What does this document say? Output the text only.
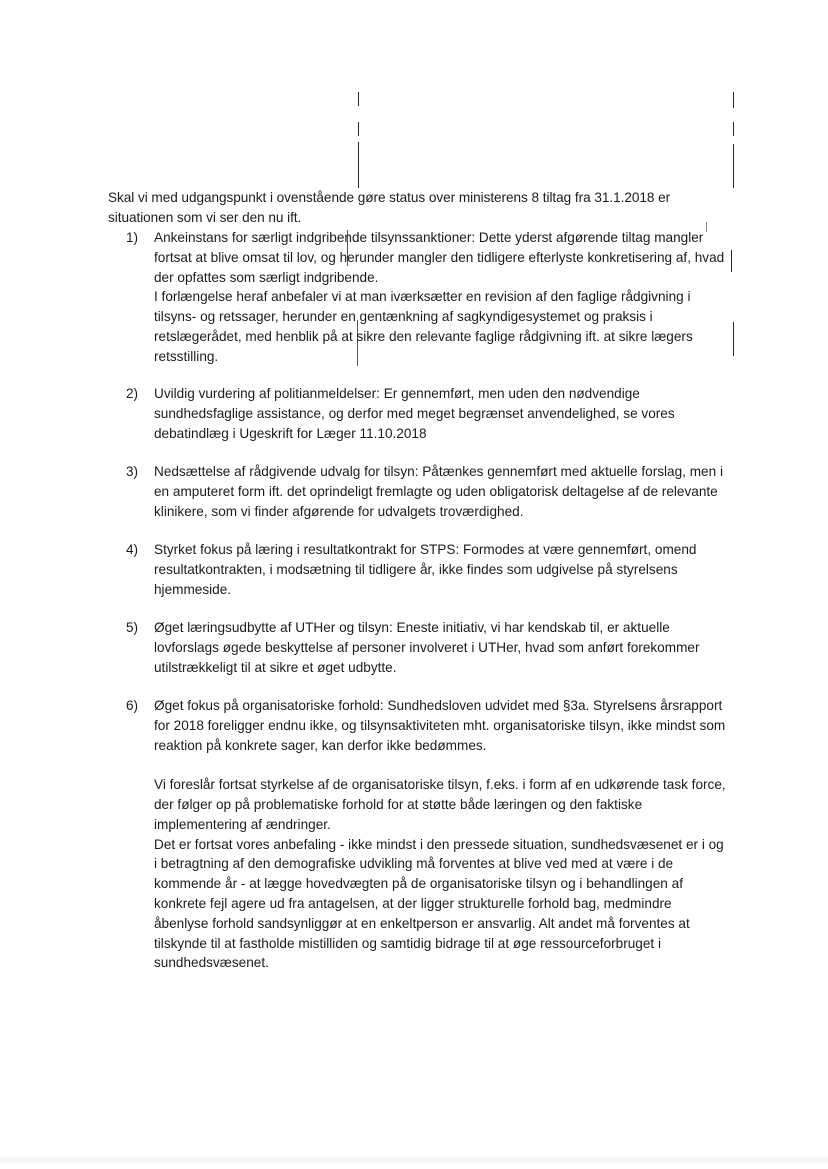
Skal vi med udgangspunkt i ovenstående gøre status over ministerens 8 tiltag fra 31.1.2018 er situationen som vi ser den nu ift.

1)	Ankeinstans for særligt indgribende tilsynssanktioner: Dette yderst afgørende tiltag mangler fortsat at blive omsat til lov, og herunder mangler den tidligere efterlyste konkretisering af, hvad der opfattes som særligt indgribende.

I forlængelse heraf anbefaler vi at man iværksætter en revision af den faglige rådgivning i tilsyns- og retssager, herunder en gentænkning af sagkyndigesystemet og praksis i retslægerådet, med henblik på at sikre den relevante faglige rådgivning ift. at sikre lægers retsstilling.

2)	Uvildig vurdering af politianmeldelser: Er gennemført, men uden den nødvendige sundhedsfaglige assistance, og derfor med meget begrænset anvendelighed, se vores debatindlæg i Ugeskrift for Læger 11.10.2018

3)	Nedsættelse af rådgivende udvalg for tilsyn: Påtænkes gennemført med aktuelle forslag, men i en amputeret form ift. det oprindeligt fremlagte og uden obligatorisk deltagelse af de relevante klinikere, som vi finder afgørende for udvalgets troværdighed.

4)	Styrket fokus på læring i resultatkontrakt for STPS: Formodes at være gennemført, omend resultatkontrakten, i modsætning til tidligere år, ikke findes som udgivelse på styrelsens hjemmeside.

5)	Øget læringsudbytte af UTHer og tilsyn: Eneste initiativ, vi har kendskab til, er aktuelle lovforslags øgede beskyttelse af personer involveret i UTHer, hvad som anført forekommer utilstrækkeligt til at sikre et øget udbytte.

6)	Øget fokus på organisatoriske forhold: Sundhedsloven udvidet med §3a. Styrelsens årsrapport for 2018 foreligger endnu ikke, og tilsynsaktiviteten mht. organisatoriske tilsyn, ikke mindst som reaktion på konkrete sager, kan derfor ikke bedømmes.

Vi foreslår fortsat styrkelse af de organisatoriske tilsyn, f.eks. i form af en udkørende task force, der følger op på problematiske forhold for at støtte både læringen og den faktiske implementering af ændringer.

Det er fortsat vores anbefaling - ikke mindst i den pressede situation, sundhedsvæsenet er i og i betragtning af den demografiske udvikling må forventes at blive ved med at være i de kommende år - at lægge hovedvægten på de organisatoriske tilsyn og i behandlingen af konkrete fejl agere ud fra antagelsen, at der ligger strukturelle forhold bag, medmindre åbenlyse forhold sandsynliggør at en enkeltperson er ansvarlig. Alt andet må forventes at tilskynde til at fastholde mistilliden og samtidig bidrage til at øge ressourceforbruget i sundhedsvæsenet.
